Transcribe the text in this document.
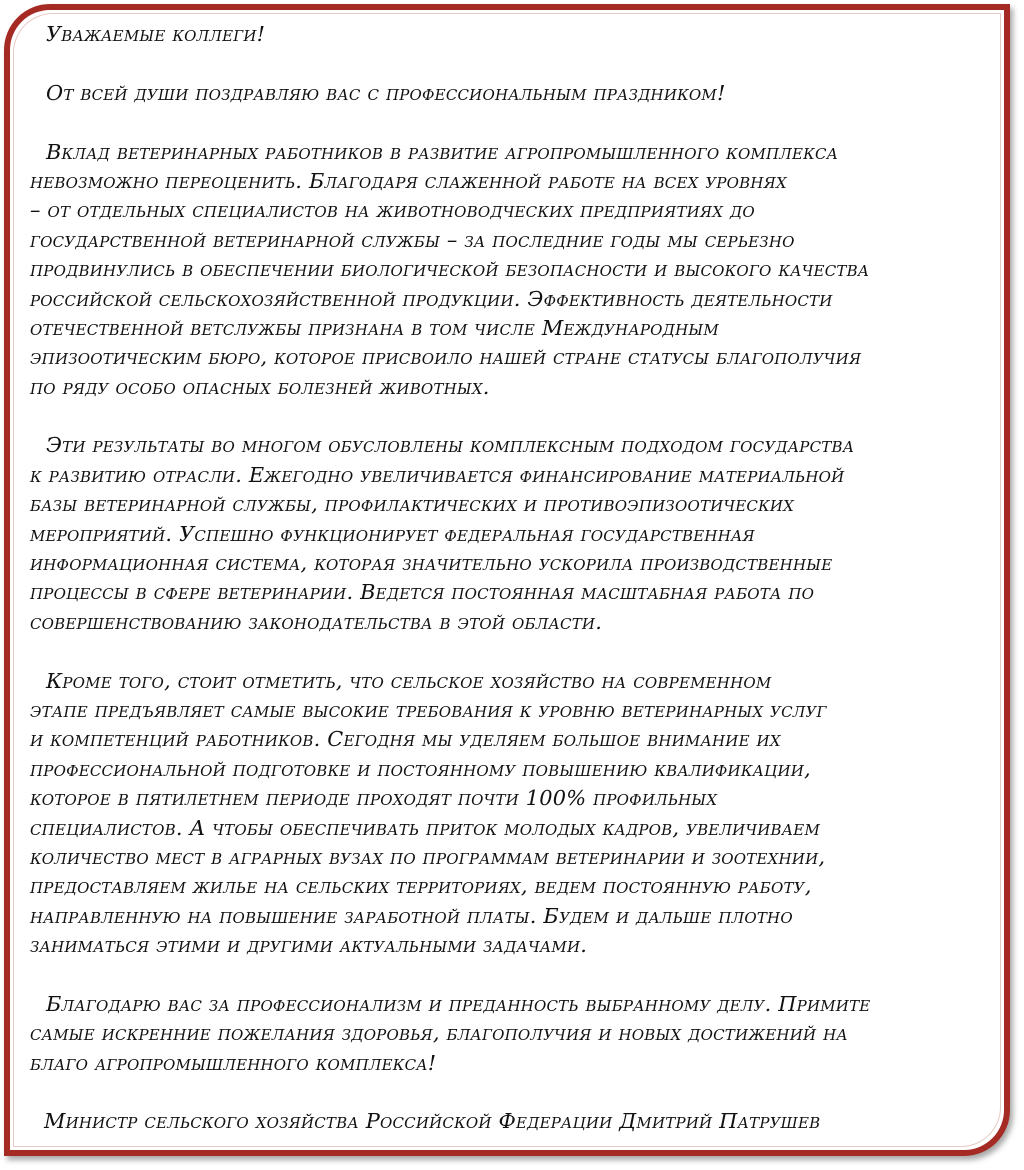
Уважаемые коллеги!
От всей души поздравляю вас с профессиональным праздником!
Вклад ветеринарных работников в развитие агропромышленного комплекса
невозможно переоценить. Благодаря слаженной работе на всех уровнях
– от отдельных специалистов на животноводческих предприятиях до
государственной ветеринарной службы – за последние годы мы серьезно
продвинулись в обеспечении биологической безопасности и высокого качества
российской сельскохозяйственной продукции. Эффективность деятельности
отечественной ветслужбы признана в том числе Международным
эпизоотическим бюро, которое присвоило нашей стране статусы благополучия
по ряду особо опасных болезней животных.
Эти результаты во многом обусловлены комплексным подходом государства
к развитию отрасли. Ежегодно увеличивается финансирование материальной
базы ветеринарной службы, профилактических и противоэпизоотических
мероприятий. Успешно функционирует федеральная государственная
информационная система, которая значительно ускорила производственные
процессы в сфере ветеринарии. Ведется постоянная масштабная работа по
совершенствованию законодательства в этой области.
Кроме того, стоит отметить, что сельское хозяйство на современном
этапе предъявляет самые высокие требования к уровню ветеринарных услуг
и компетенций работников. Сегодня мы уделяем большое внимание их
профессиональной подготовке и постоянному повышению квалификации,
которое в пятилетнем периоде проходят почти 100% профильных
специалистов. А чтобы обеспечивать приток молодых кадров, увеличиваем
количество мест в аграрных вузах по программам ветеринарии и зоотехнии,
предоставляем жилье на сельских территориях, ведем постоянную работу,
направленную на повышение заработной платы. Будем и дальше плотно
заниматься этими и другими актуальными задачами.
Благодарю вас за профессионализм и преданность выбранному делу. Примите
самые искренние пожелания здоровья, благополучия и новых достижений на
благо агропромышленного комплекса!
Министр сельского хозяйства Российской Федерации Дмитрий Патрушев
